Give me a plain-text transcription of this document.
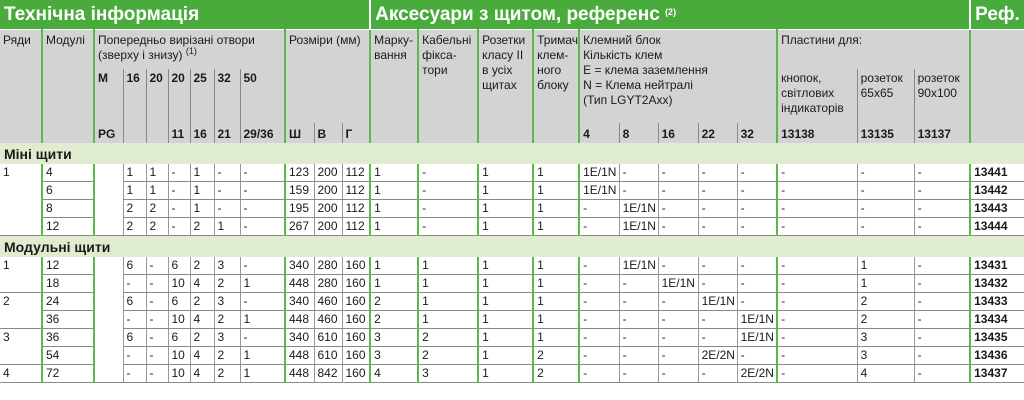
Технічна інформація												Аксесуари з щитом, референс $^{(2)}$												Реф.
Ряди	Модулі	Попередньо вирізані отвори (зверху і знизу) $^{(1)}$							Розміри (мм)			Марку-вання	Кабельні фікса-тори	Розетки класу II в усіх щитах	Тримач клем-ного блоку	Клемний блок
Кількість клем
E = клема заземлення
N = Клема нейтралі
(Тип LGYT2Axx)					Пластини для:			
		M	16	20	20	25	32	50													кнопок, світлових індикаторів	розеток 65x65	розеток 90x100	
		PG			11	16	21	29/36	Ш	В	Г					4	8	16	22	32	13138	13135	13137	
Міні щити																								
1	4		1	1	-	1	-	-	123	200	112	1	-	1	1	1E/1N	-	-	-	-	-	-	-	13441
	6		1	1	-	1	-	-	159	200	112	1	-	1	1	1E/1N	-	-	-	-	-	-	-	13442
	8		2	2	-	1	-	-	195	200	112	1	-	1	1	-	1E/1N	-	-	-	-	-	-	13443
	12		2	2	-	2	1	-	267	200	112	1	-	1	1	-	1E/1N	-	-	-	-	-	-	13444
Модульні щити																								
1	12		6	-	6	2	3	-	340	280	160	1	1	1	1	-	1E/1N	-	-	-	-	1	-	13431
	18		-	-	10	4	2	1	448	280	160	1	1	1	1	-	-	1E/1N	-	-	-	1	-	13432
2	24		6	-	6	2	3	-	340	460	160	2	1	1	1	-	-	-	1E/1N	-	-	2	-	13433
	36		-	-	10	4	2	1	448	460	160	2	1	1	1	-	-	-	-	1E/1N	-	2	-	13434
3	36		6	-	6	2	3	-	340	610	160	3	2	1	1	-	-	-	-	1E/1N	-	3	-	13435
	54		-	-	10	4	2	1	448	610	160	3	2	1	2	-	-	-	2E/2N	-	-	3	-	13436
4	72		-	-	10	4	2	1	448	842	160	4	3	1	2	-	-	-	-	2E/2N	-	4	-	13437
